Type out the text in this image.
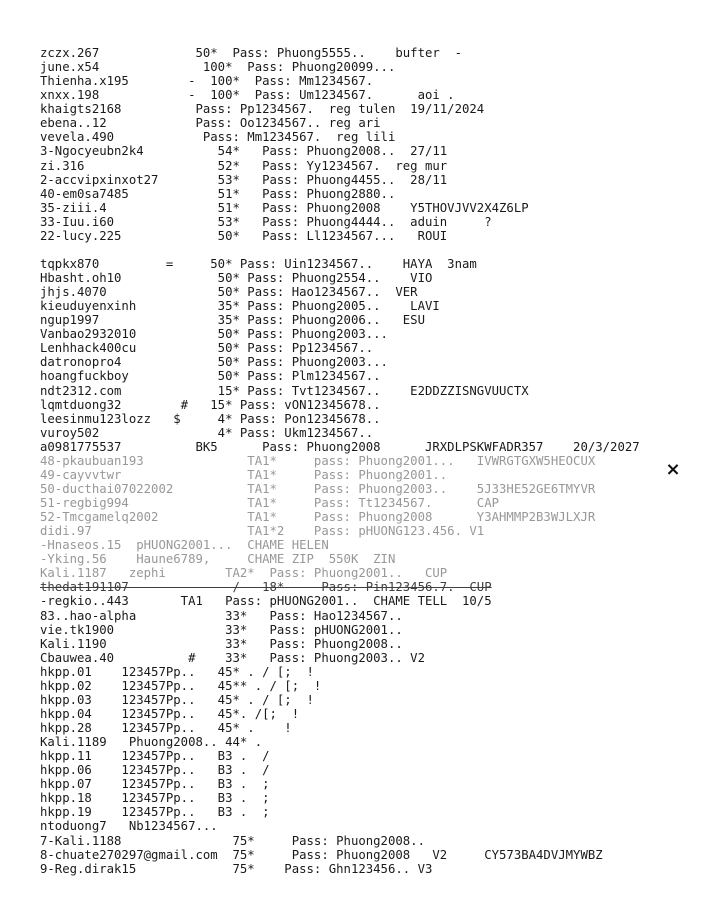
zczx.267             50*  Pass: Phuong5555..    bufter  -
june.x54              100*  Pass: Phuong20099...
Thienha.x195        -  100*  Pass: Mm1234567.
xnxx.198            -  100*  Pass: Um1234567.      aoi .
khaigts2168          Pass: Pp1234567.  reg tulen  19/11/2024
ebena..12            Pass: Oo1234567.. reg ari
vevela.490            Pass: Mm1234567.  reg lili
3-Ngocyeubn2k4          54*   Pass: Phuong2008..  27/11
zi.316                  52*   Pass: Yy1234567.  reg mur
2-accvipxinxot27        53*   Pass: Phuong4455..  28/11
40-em0sa7485            51*   Pass: Phuong2880..
35-ziii.4               51*   Pass: Phuong2008    Y5THOVJVV2X4Z6LP
33-Iuu.i60              53*   Pass: Phuong4444..  aduin     ?
22-lucy.225             50*   Pass: Ll1234567...   ROUI

tqpkx870         =     50* Pass: Uin1234567..    HAYA  3nam
Hbasht.oh10             50* Pass: Phuong2554..    VIO
jhjs.4070               50* Pass: Hao1234567..  VER
kieuduyenxinh           35* Pass: Phuong2005..    LAVI
ngup1997                35* Pass: Phuong2006..   ESU
Vanbao2932010           50* Pass: Phuong2003...
Lenhhack400cu           50* Pass: Pp1234567..
datronopro4             50* Pass: Phuong2003...
hoangfuckboy            50* Pass: Plm1234567..
ndt2312.com             15* Pass: Tvt1234567..    E2DDZZISNGVUUCTX
lqmtduong32        #   15* Pass: vON12345678..
leesinmu123lozz   $     4* Pass: Pon12345678..
vuroy502                4* Pass: Ukm1234567..
a0981775537          BK5      Pass: Phuong2008      JRXDLPSKWFADR357    20/3/2027
48-pkaubuan193              TA1*     pass: Phuong2001...   IVWRGTGXW5HEOCUX
49-cayvvtwr                 TA1*     Pass: Phuong2001..
50-ducthai07022002          TA1*     Pass: Phuong2003..    5J33HE52GE6TMYVR
51-regbig994                TA1*     Pass: Tt1234567.      CAP
52-Tmcgamelq2002            TA1*     Pass: Phuong2008      Y3AHMMP2B3WJLXJR
didi.97                     TA1*2    Pass: pHUONG123.456. V1
-Hnaseos.15  pHUONG2001...  CHAME HELEN
-Yking.56    Haune6789,     CHAME ZIP  550K  ZIN
Kali.1187   zephi        TA2*  Pass: Phuong2001..   CUP
thedat191107              /   18*     Pass: Pin123456.7.  CUP
-regkio..443       TA1   Pass: pHUONG2001..  CHAME TELL  10/5
83..hao-alpha            33*   Pass: Hao1234567..
vie.tk1900               33*   Pass: pHUONG2001..
Kali.1190                33*   Pass: Phuong2008..
Cbauwea.40          #    33*   Pass: Phuong2003.. V2
hkpp.01    123457Pp..   45* . / [;  !
hkpp.02    123457Pp..   45** . / [;  !
hkpp.03    123457Pp..   45* . / [;  !
hkpp.04    123457Pp..   45*. /[;  !
hkpp.28    123457Pp..   45* .    !
Kali.1189   Phuong2008.. 44* .
hkpp.11    123457Pp..   B3 .  /
hkpp.06    123457Pp..   B3 .  /
hkpp.07    123457Pp..   B3 .  ;
hkpp.18    123457Pp..   B3 .  ;
hkpp.19    123457Pp..   B3 .  ;
ntoduong7   Nb1234567...
7-Kali.1188               75*     Pass: Phuong2008..
8-chuate270297@gmail.com  75*     Pass: Phuong2008   V2     CY573BA4DVJMYWBZ
9-Reg.dirak15             75*    Pass: Ghn123456.. V3
×
